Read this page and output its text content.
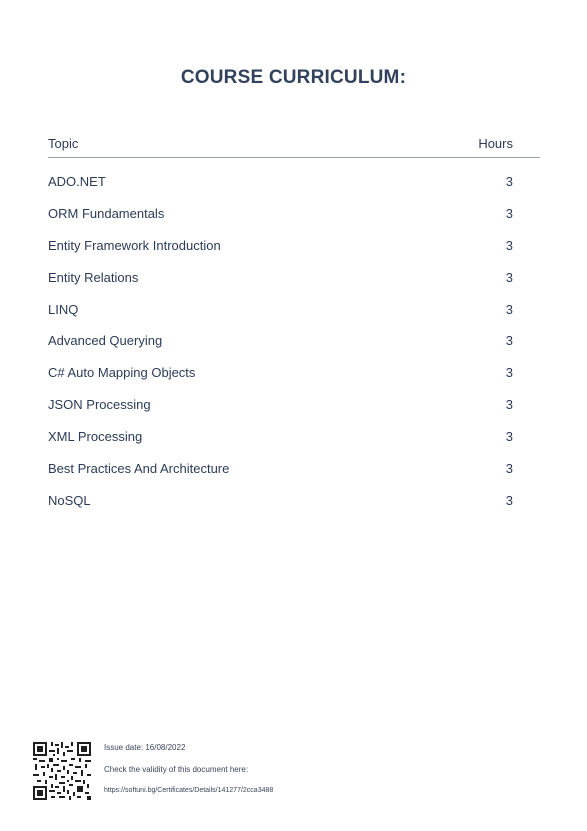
COURSE CURRICULUM:
Topic	Hours
ADO.NET	3
ORM Fundamentals	3
Entity Framework Introduction	3
Entity Relations	3
LINQ	3
Advanced Querying	3
C# Auto Mapping Objects	3
JSON Processing	3
XML Processing	3
Best Practices And Architecture	3
NoSQL	3
Issue date: 16/08/2022
Check the validity of this document here:
https://softuni.bg/Certificates/Details/141277/2cca3488
